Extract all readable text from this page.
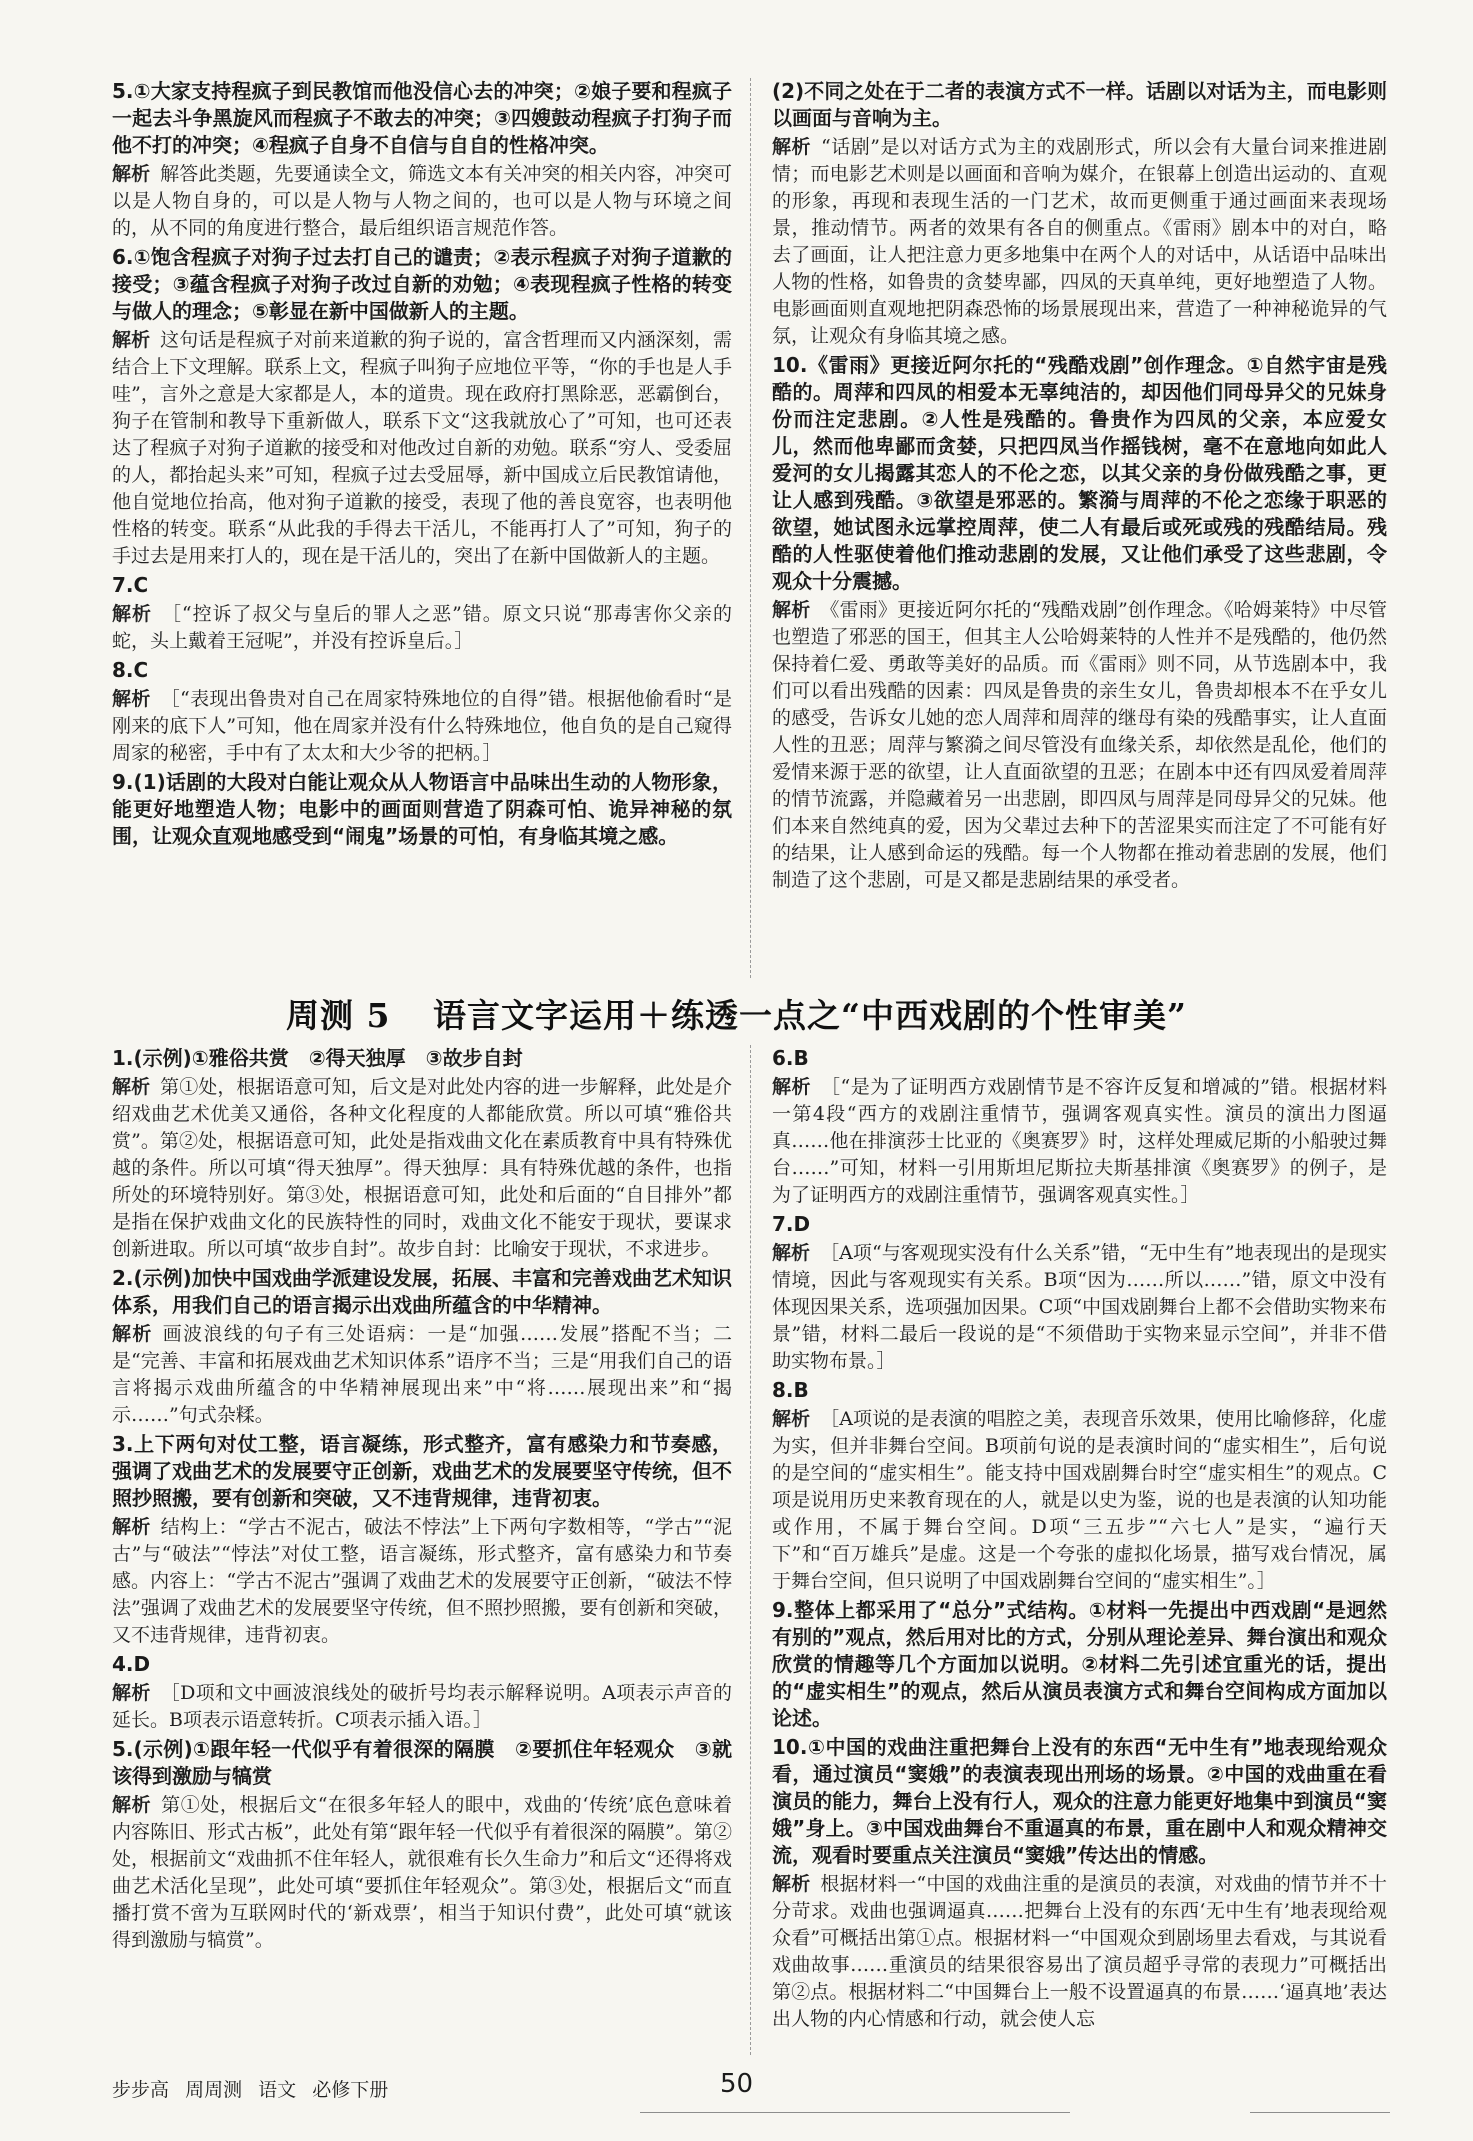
5.①大家支持程疯子到民教馆而他没信心去的冲突；②娘子要和程疯子一起去斗争黑旋风而程疯子不敢去的冲突；③四嫂鼓动程疯子打狗子而他不打的冲突；④程疯子自身不自信与自自的性格冲突。

解析 解答此类题，先要通读全文，筛选文本有关冲突的相关内容，冲突可以是人物自身的，可以是人物与人物之间的，也可以是人物与环境之间的，从不同的角度进行整合，最后组织语言规范作答。

6.①饱含程疯子对狗子过去打自己的谴责；②表示程疯子对狗子道歉的接受；③蕴含程疯子对狗子改过自新的劝勉；④表现程疯子性格的转变与做人的理念；⑤彰显在新中国做新人的主题。

解析 这句话是程疯子对前来道歉的狗子说的，富含哲理而又内涵深刻，需结合上下文理解。联系上文，程疯子叫狗子应地位平等，“你的手也是人手哇”，言外之意是大家都是人，本的道贵。现在政府打黑除恶，恶霸倒台，狗子在管制和教导下重新做人，联系下文“这我就放心了”可知，也可还表达了程疯子对狗子道歉的接受和对他改过自新的劝勉。联系“穷人、受委屈的人，都抬起头来”可知，程疯子过去受屈辱，新中国成立后民教馆请他，他自觉地位抬高，他对狗子道歉的接受，表现了他的善良宽容，也表明他性格的转变。联系“从此我的手得去干活儿，不能再打人了”可知，狗子的手过去是用来打人的，现在是干活儿的，突出了在新中国做新人的主题。

7.C

解析 ［“控诉了叔父与皇后的罪人之恶”错。原文只说“那毒害你父亲的蛇，头上戴着王冠呢”，并没有控诉皇后。］

8.C

解析 ［“表现出鲁贵对自己在周家特殊地位的自得”错。根据他偷看时“是刚来的底下人”可知，他在周家并没有什么特殊地位，他自负的是自己窥得周家的秘密，手中有了太太和大少爷的把柄。］

9.(1)话剧的大段对白能让观众从人物语言中品味出生动的人物形象，能更好地塑造人物；电影中的画面则营造了阴森可怕、诡异神秘的氛围，让观众直观地感受到“闹鬼”场景的可怕，有身临其境之感。

(2)不同之处在于二者的表演方式不一样。话剧以对话为主，而电影则以画面与音响为主。

解析 “话剧”是以对话方式为主的戏剧形式，所以会有大量台词来推进剧情；而电影艺术则是以画面和音响为媒介，在银幕上创造出运动的、直观的形象，再现和表现生活的一门艺术，故而更侧重于通过画面来表现场景，推动情节。两者的效果有各自的侧重点。《雷雨》剧本中的对白，略去了画面，让人把注意力更多地集中在两个人的对话中，从话语中品味出人物的性格，如鲁贵的贪婪卑鄙，四凤的天真单纯，更好地塑造了人物。电影画面则直观地把阴森恐怖的场景展现出来，营造了一种神秘诡异的气氛，让观众有身临其境之感。

10.《雷雨》更接近阿尔托的“残酷戏剧”创作理念。①自然宇宙是残酷的。周萍和四凤的相爱本无辜纯洁的，却因他们同母异父的兄妹身份而注定悲剧。②人性是残酷的。鲁贵作为四凤的父亲，本应爱女儿，然而他卑鄙而贪婪，只把四凤当作摇钱树，毫不在意地向如此人爱河的女儿揭露其恋人的不伦之恋，以其父亲的身份做残酷之事，更让人感到残酷。③欲望是邪恶的。繁漪与周萍的不伦之恋缘于职恶的欲望，她试图永远掌控周萍，使二人有最后或死或残的残酷结局。残酷的人性驱使着他们推动悲剧的发展，又让他们承受了这些悲剧，令观众十分震撼。

解析 《雷雨》更接近阿尔托的“残酷戏剧”创作理念。《哈姆莱特》中尽管也塑造了邪恶的国王，但其主人公哈姆莱特的人性并不是残酷的，他仍然保持着仁爱、勇敢等美好的品质。而《雷雨》则不同，从节选剧本中，我们可以看出残酷的因素：四凤是鲁贵的亲生女儿，鲁贵却根本不在乎女儿的感受，告诉女儿她的恋人周萍和周萍的继母有染的残酷事实，让人直面人性的丑恶；周萍与繁漪之间尽管没有血缘关系，却依然是乱伦，他们的爱情来源于恶的欲望，让人直面欲望的丑恶；在剧本中还有四凤爱着周萍的情节流露，并隐藏着另一出悲剧，即四凤与周萍是同母异父的兄妹。他们本来自然纯真的爱，因为父辈过去种下的苦涩果实而注定了不可能有好的结果，让人感到命运的残酷。每一个人物都在推动着悲剧的发展，他们制造了这个悲剧，可是又都是悲剧结果的承受者。

周测 5 语言文字运用＋练透一点之“中西戏剧的个性审美”

1.(示例)①雅俗共赏　②得天独厚　③故步自封

解析 第①处，根据语意可知，后文是对此处内容的进一步解释，此处是介绍戏曲艺术优美又通俗，各种文化程度的人都能欣赏。所以可填“雅俗共赏”。第②处，根据语意可知，此处是指戏曲文化在素质教育中具有特殊优越的条件。所以可填“得天独厚”。得天独厚：具有特殊优越的条件，也指所处的环境特别好。第③处，根据语意可知，此处和后面的“自目排外”都是指在保护戏曲文化的民族特性的同时，戏曲文化不能安于现状，要谋求创新进取。所以可填“故步自封”。故步自封：比喻安于现状，不求进步。

2.(示例)加快中国戏曲学派建设发展，拓展、丰富和完善戏曲艺术知识体系，用我们自己的语言揭示出戏曲所蕴含的中华精神。

解析 画波浪线的句子有三处语病：一是“加强……发展”搭配不当；二是“完善、丰富和拓展戏曲艺术知识体系”语序不当；三是“用我们自己的语言将揭示戏曲所蕴含的中华精神展现出来”中“将……展现出来”和“揭示……”句式杂糅。

3.上下两句对仗工整，语言凝练，形式整齐，富有感染力和节奏感，强调了戏曲艺术的发展要守正创新，戏曲艺术的发展要坚守传统，但不照抄照搬，要有创新和突破，又不违背规律，违背初衷。

解析 结构上：“学古不泥古，破法不悖法”上下两句字数相等，“学古”“泥古”与“破法”“悖法”对仗工整，语言凝练，形式整齐，富有感染力和节奏感。内容上：“学古不泥古”强调了戏曲艺术的发展要守正创新，“破法不悖法”强调了戏曲艺术的发展要坚守传统，但不照抄照搬，要有创新和突破，又不违背规律，违背初衷。

4.D

解析 ［D项和文中画波浪线处的破折号均表示解释说明。A项表示声音的延长。B项表示语意转折。C项表示插入语。］

5.(示例)①跟年轻一代似乎有着很深的隔膜　②要抓住年轻观众　③就该得到激励与犒赏

解析 第①处，根据后文“在很多年轻人的眼中，戏曲的‘传统’底色意味着内容陈旧、形式古板”，此处有第“跟年轻一代似乎有着很深的隔膜”。第②处，根据前文“戏曲抓不住年轻人，就很难有长久生命力”和后文“还得将戏曲艺术活化呈现”，此处可填“要抓住年轻观众”。第③处，根据后文“而直播打赏不啻为互联网时代的‘新戏票’，相当于知识付费”，此处可填“就该得到激励与犒赏”。

6.B

解析 ［“是为了证明西方戏剧情节是不容许反复和增减的”错。根据材料一第4段“西方的戏剧注重情节，强调客观真实性。演员的演出力图逼真……他在排演莎士比亚的《奥赛罗》时，这样处理威尼斯的小船驶过舞台……”可知，材料一引用斯坦尼斯拉夫斯基排演《奥赛罗》的例子，是为了证明西方的戏剧注重情节，强调客观真实性。］

7.D

解析 ［A项“与客观现实没有什么关系”错，“无中生有”地表现出的是现实情境，因此与客观现实有关系。B项“因为……所以……”错，原文中没有体现因果关系，选项强加因果。C项“中国戏剧舞台上都不会借助实物来布景”错，材料二最后一段说的是“不须借助于实物来显示空间”，并非不借助实物布景。］

8.B

解析 ［A项说的是表演的唱腔之美，表现音乐效果，使用比喻修辞，化虚为实，但并非舞台空间。B项前句说的是表演时间的“虚实相生”，后句说的是空间的“虚实相生”。能支持中国戏剧舞台时空“虚实相生”的观点。C项是说用历史来教育现在的人，就是以史为鉴，说的也是表演的认知功能或作用，不属于舞台空间。D项“三五步”“六七人”是实，“遍行天下”和“百万雄兵”是虚。这是一个夸张的虚拟化场景，描写戏台情况，属于舞台空间，但只说明了中国戏剧舞台空间的“虚实相生”。］

9.整体上都采用了“总分”式结构。①材料一先提出中西戏剧“是迥然有别的”观点，然后用对比的方式，分别从理论差异、舞台演出和观众欣赏的情趣等几个方面加以说明。②材料二先引述宜重光的话，提出的“虚实相生”的观点，然后从演员表演方式和舞台空间构成方面加以论述。

10.①中国的戏曲注重把舞台上没有的东西“无中生有”地表现给观众看，通过演员“窦娥”的表演表现出刑场的场景。②中国的戏曲重在看演员的能力，舞台上没有行人，观众的注意力能更好地集中到演员“窦娥”身上。③中国戏曲舞台不重逼真的布景，重在剧中人和观众精神交流，观看时要重点关注演员“窦娥”传达出的情感。

解析 根据材料一“中国的戏曲注重的是演员的表演，对戏曲的情节并不十分苛求。戏曲也强调逼真……把舞台上没有的东西‘无中生有’地表现给观众看”可概括出第①点。根据材料一“中国观众到剧场里去看戏，与其说看戏曲故事……重演员的结果很容易出了演员超乎寻常的表现力”可概括出第②点。根据材料二“中国舞台上一般不设置逼真的布景……‘逼真地’表达出人物的内心情感和行动，就会使人忘

步步高 周周测 语文 必修下册	50
